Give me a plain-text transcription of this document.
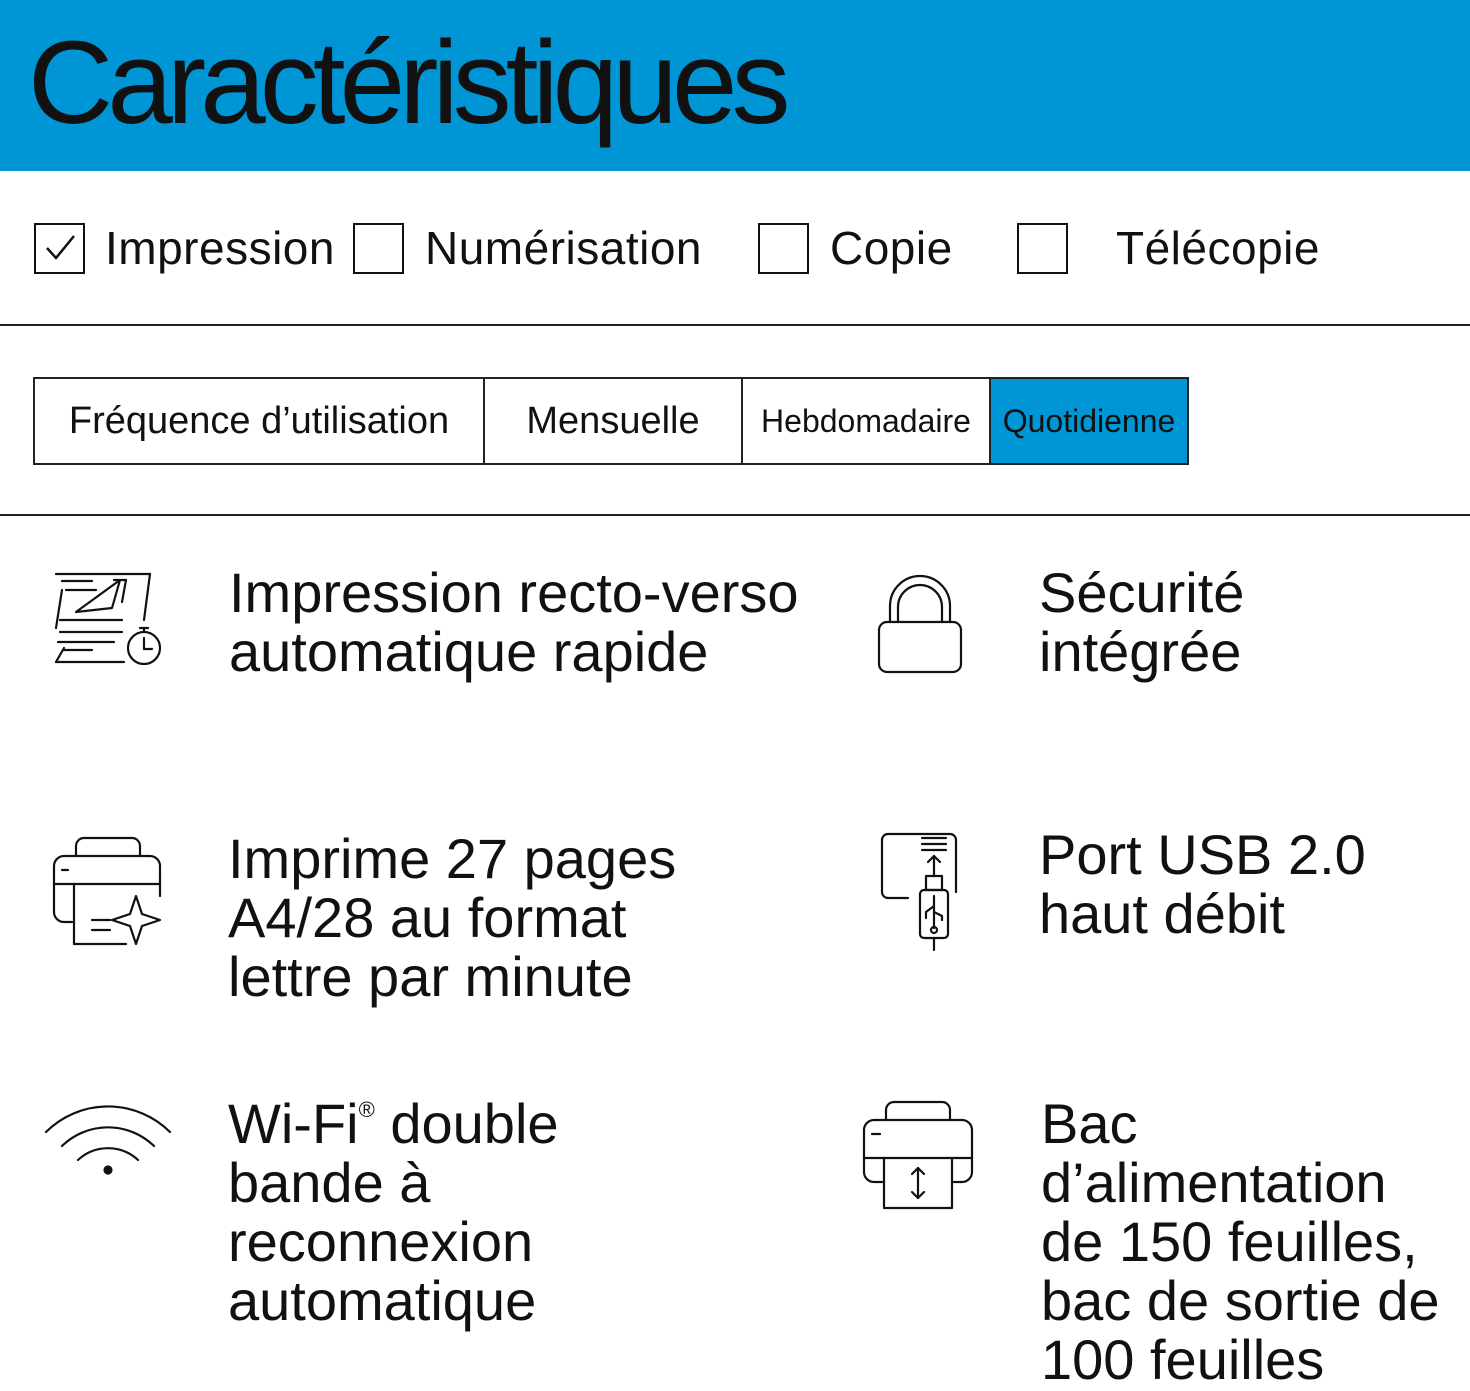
Caractéristiques
Impression Numérisation	Copie	Télécopie
Fréquence d’utilisation	Mensuelle	Hebdomadaire Quotidienne
Impression recto-verso
automatique rapide
Sécurité
intégrée
Imprime 27 pages
A4/28 au format
lettre par minute
Port USB 2.0
haut débit
Wi-Fi® double
bande à
reconnexion
automatique
Bac
d’alimentation
de 150 feuilles,
bac de sortie de
100 feuilles
